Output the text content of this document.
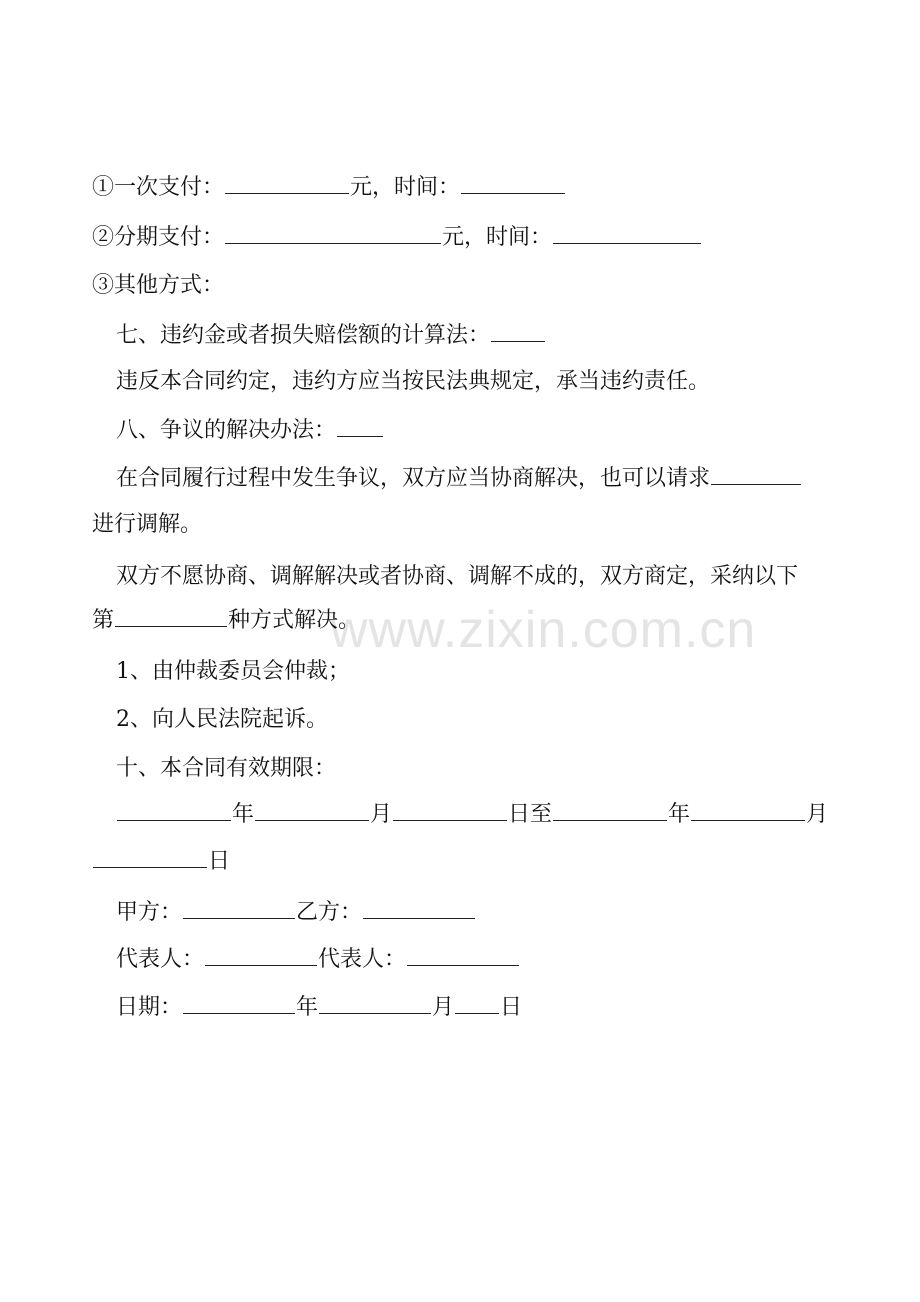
www.zixin.com.cn
①一次支付：	元，时间：
②分期支付：	元，时间：
③其他方式：
七、违约金或者损失赔偿额的计算法：
违反本合同约定，违约方应当按民法典规定，承当违约责任。
八、争议的解决办法：
在合同履行过程中发生争议，双方应当协商解决，也可以请求
进行调解。
双方不愿协商、调解解决或者协商、调解不成的，双方商定，采纳以下
第	种方式解决。
1、由仲裁委员会仲裁；
2、向人民法院起诉。
十、本合同有效期限：
年	月	日至	年	月
日
甲方：	乙方：
代表人：	代表人：
日期：	年	月 日
